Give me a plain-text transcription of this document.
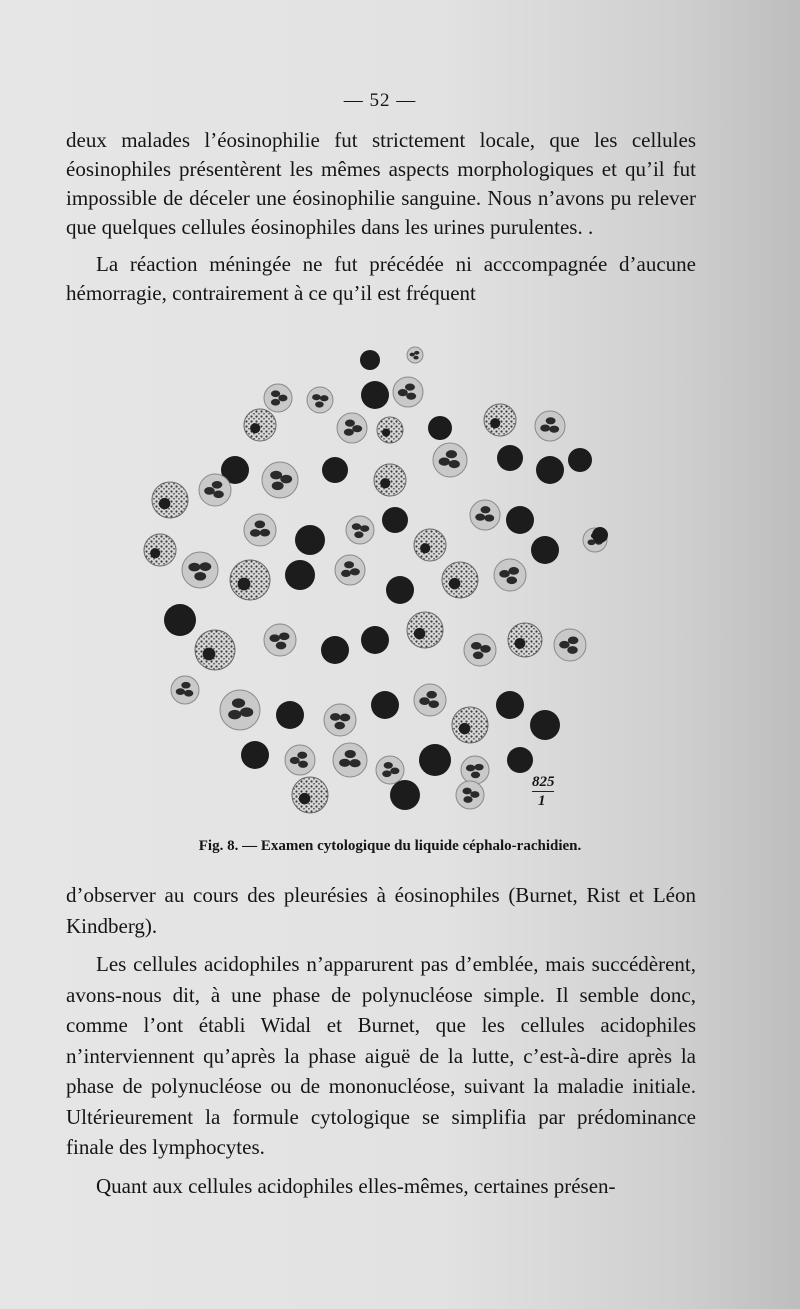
— 52 —

deux malades l’éosinophilie fut strictement locale, que les cellules éosinophiles présentèrent les mêmes aspects morphologiques et qu’il fut impossible de déceler une éosinophilie sanguine. Nous n’avons pu relever que quelques cellules éosinophiles dans les urines purulentes. .

La réaction méningée ne fut précédée ni acccompagnée d’aucune hémorragie, contrairement à ce qu’il est fréquent

825
1
Fig. 8. — Examen cytologique du liquide céphalo-rachidien.

d’observer au cours des pleurésies à éosinophiles (Burnet, Rist et Léon Kindberg).

Les cellules acidophiles n’apparurent pas d’emblée, mais succédèrent, avons-nous dit, à une phase de polynucléose simple. Il semble donc, comme l’ont établi Widal et Burnet, que les cellules acidophiles n’interviennent qu’après la phase aiguë de la lutte, c’est-à-dire après la phase de polynucléose ou de mononucléose, suivant la maladie initiale. Ultérieurement la formule cytologique se simplifia par prédominance finale des lymphocytes.

Quant aux cellules acidophiles elles-mêmes, certaines présen-
